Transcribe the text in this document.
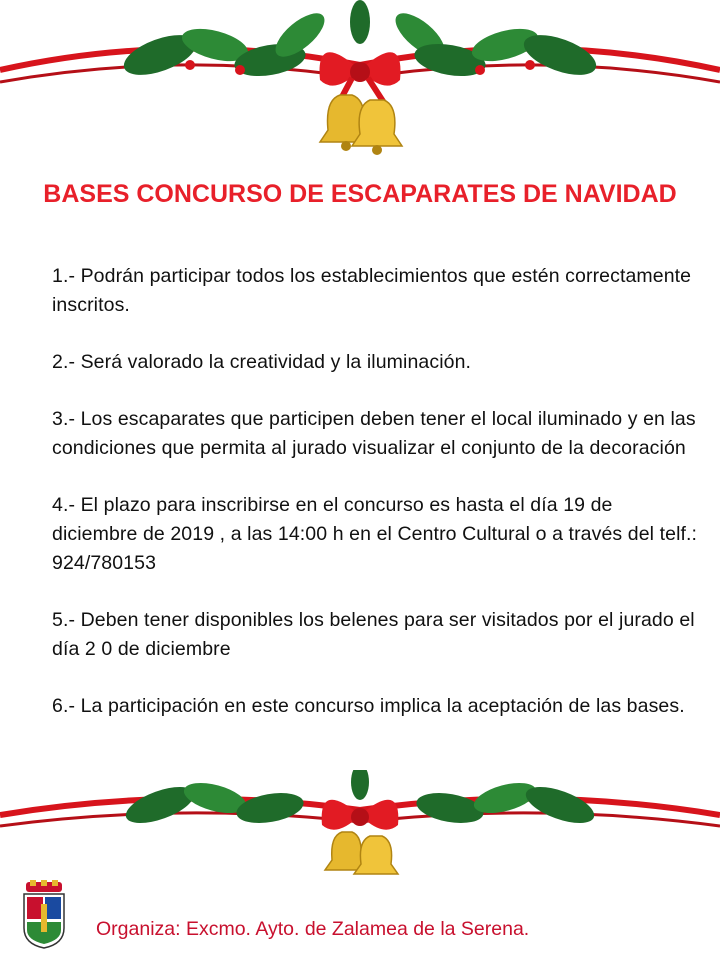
BASES CONCURSO DE ESCAPARATES DE NAVIDAD
1.- Podrán participar todos los establecimientos que estén correctamente inscritos.
2.- Será valorado la creatividad y la iluminación.
3.- Los escaparates que participen deben tener el local iluminado y en las condiciones que permita al jurado visualizar el conjunto de la decoración
4.- El plazo para inscribirse en el concurso es hasta el día 19 de diciembre de 2019 , a las 14:00 h en el Centro Cultural o a través del telf.: 924/780153
5.- Deben tener disponibles los belenes para ser visitados por el jurado el día 2 0 de diciembre
6.- La participación en este concurso implica la aceptación de las bases.

Organiza: Excmo. Ayto. de Zalamea de la Serena.
